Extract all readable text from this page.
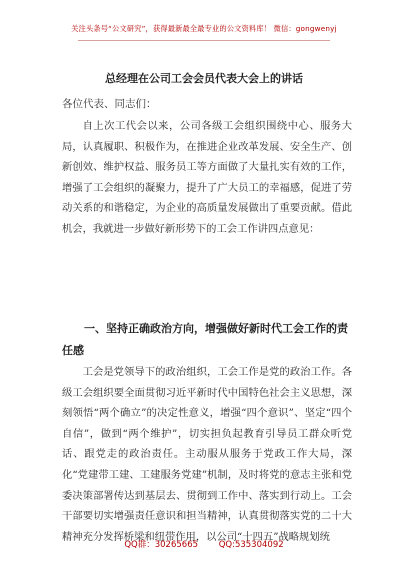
关注头条号“公文研究”，获得最新最全最专业的公文资料库！ 微信：gongwenyj
总经理在公司工会会员代表大会上的讲话
各位代表、同志们：

自上次工代会以来，公司各级工会组织围绕中心、服务大局，认真履职、积极作为，在推进企业改革发展、安全生产、创新创效、维护权益、服务员工等方面做了大量扎实有效的工作，增强了工会组织的凝聚力，提升了广大员工的幸福感，促进了劳动关系的和谐稳定，为企业的高质量发展做出了重要贡献。借此机会，我就进一步做好新形势下的工会工作讲四点意见：

一、坚持正确政治方向，增强做好新时代工会工作的责任感

工会是党领导下的政治组织，工会工作是党的政治工作。各级工会组织要全面贯彻习近平新时代中国特色社会主义思想，深刻领悟“两个确立”的决定性意义，增强“四个意识”、坚定“四个自信”，做到“两个维护”，切实担负起教育引导员工群众听党话、跟党走的政治责任。主动服从服务于党政工作大局，深化“党建带工建、工建服务党建”机制，及时将党的意志主张和党委决策部署传达到基层去、贯彻到工作中、落实到行动上。工会干部要切实增强责任意识和担当精神，认真贯彻落实党的二十大精神充分发挥桥梁和纽带作用，以公司“十四五”战略规划统

QQ群：30265665 QQ:535304092
